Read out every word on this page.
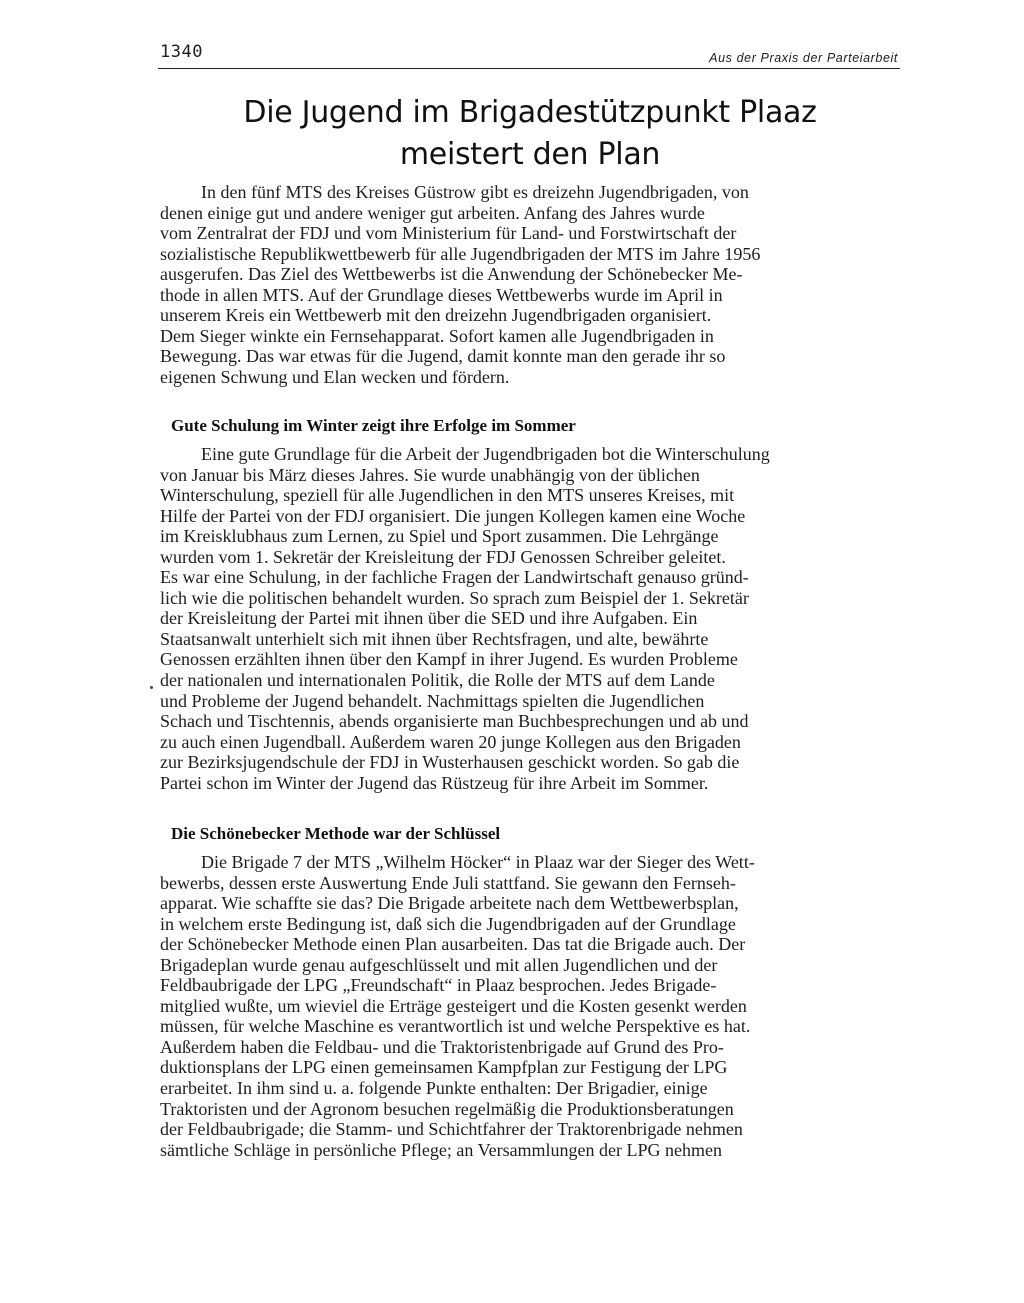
1340	Aus der Praxis der Parteiarbeit
Die Jugend im Brigadestützpunkt Plaaz
meistert den Plan

In den fünf MTS des Kreises Güstrow gibt es dreizehn Jugendbrigaden, von
denen einige gut und andere weniger gut arbeiten. Anfang des Jahres wurde
vom Zentralrat der FDJ und vom Ministerium für Land- und Forstwirtschaft der
sozialistische Republikwettbewerb für alle Jugendbrigaden der MTS im Jahre 1956
ausgerufen. Das Ziel des Wettbewerbs ist die Anwendung der Schönebecker Me-
thode in allen MTS. Auf der Grundlage dieses Wettbewerbs wurde im April in
unserem Kreis ein Wettbewerb mit den dreizehn Jugendbrigaden organisiert.
Dem Sieger winkte ein Fernsehapparat. Sofort kamen alle Jugendbrigaden in
Bewegung. Das war etwas für die Jugend, damit konnte man den gerade ihr so
eigenen Schwung und Elan wecken und fördern.

Gute Schulung im Winter zeigt ihre Erfolge im Sommer

Eine gute Grundlage für die Arbeit der Jugendbrigaden bot die Winterschulung
von Januar bis März dieses Jahres. Sie wurde unabhängig von der üblichen
Winterschulung, speziell für alle Jugendlichen in den MTS unseres Kreises, mit
Hilfe der Partei von der FDJ organisiert. Die jungen Kollegen kamen eine Woche
im Kreisklubhaus zum Lernen, zu Spiel und Sport zusammen. Die Lehrgänge
wurden vom 1. Sekretär der Kreisleitung der FDJ Genossen Schreiber geleitet.
Es war eine Schulung, in der fachliche Fragen der Landwirtschaft genauso gründ-
lich wie die politischen behandelt wurden. So sprach zum Beispiel der 1. Sekretär
der Kreisleitung der Partei mit ihnen über die SED und ihre Aufgaben. Ein
Staatsanwalt unterhielt sich mit ihnen über Rechtsfragen, und alte, bewährte
Genossen erzählten ihnen über den Kampf in ihrer Jugend. Es wurden Probleme
der nationalen und internationalen Politik, die Rolle der MTS auf dem Lande
und Probleme der Jugend behandelt. Nachmittags spielten die Jugendlichen
Schach und Tischtennis, abends organisierte man Buchbesprechungen und ab und
zu auch einen Jugendball. Außerdem waren 20 junge Kollegen aus den Brigaden
zur Bezirksjugendschule der FDJ in Wusterhausen geschickt worden. So gab die
Partei schon im Winter der Jugend das Rüstzeug für ihre Arbeit im Sommer.

Die Schönebecker Methode war der Schlüssel

Die Brigade 7 der MTS „Wilhelm Höcker“ in Plaaz war der Sieger des Wett-
bewerbs, dessen erste Auswertung Ende Juli stattfand. Sie gewann den Fernseh-
apparat. Wie schaffte sie das? Die Brigade arbeitete nach dem Wettbewerbsplan,
in welchem erste Bedingung ist, daß sich die Jugendbrigaden auf der Grundlage
der Schönebecker Methode einen Plan ausarbeiten. Das tat die Brigade auch. Der
Brigadeplan wurde genau aufgeschlüsselt und mit allen Jugendlichen und der
Feldbaubrigade der LPG „Freundschaft“ in Plaaz besprochen. Jedes Brigade-
mitglied wußte, um wieviel die Erträge gesteigert und die Kosten gesenkt werden
müssen, für welche Maschine es verantwortlich ist und welche Perspektive es hat.
Außerdem haben die Feldbau- und die Traktoristenbrigade auf Grund des Pro-
duktionsplans der LPG einen gemeinsamen Kampfplan zur Festigung der LPG
erarbeitet. In ihm sind u. a. folgende Punkte enthalten: Der Brigadier, einige
Traktoristen und der Agronom besuchen regelmäßig die Produktionsberatungen
der Feldbaubrigade; die Stamm- und Schichtfahrer der Traktorenbrigade nehmen
sämtliche Schläge in persönliche Pflege; an Versammlungen der LPG nehmen
